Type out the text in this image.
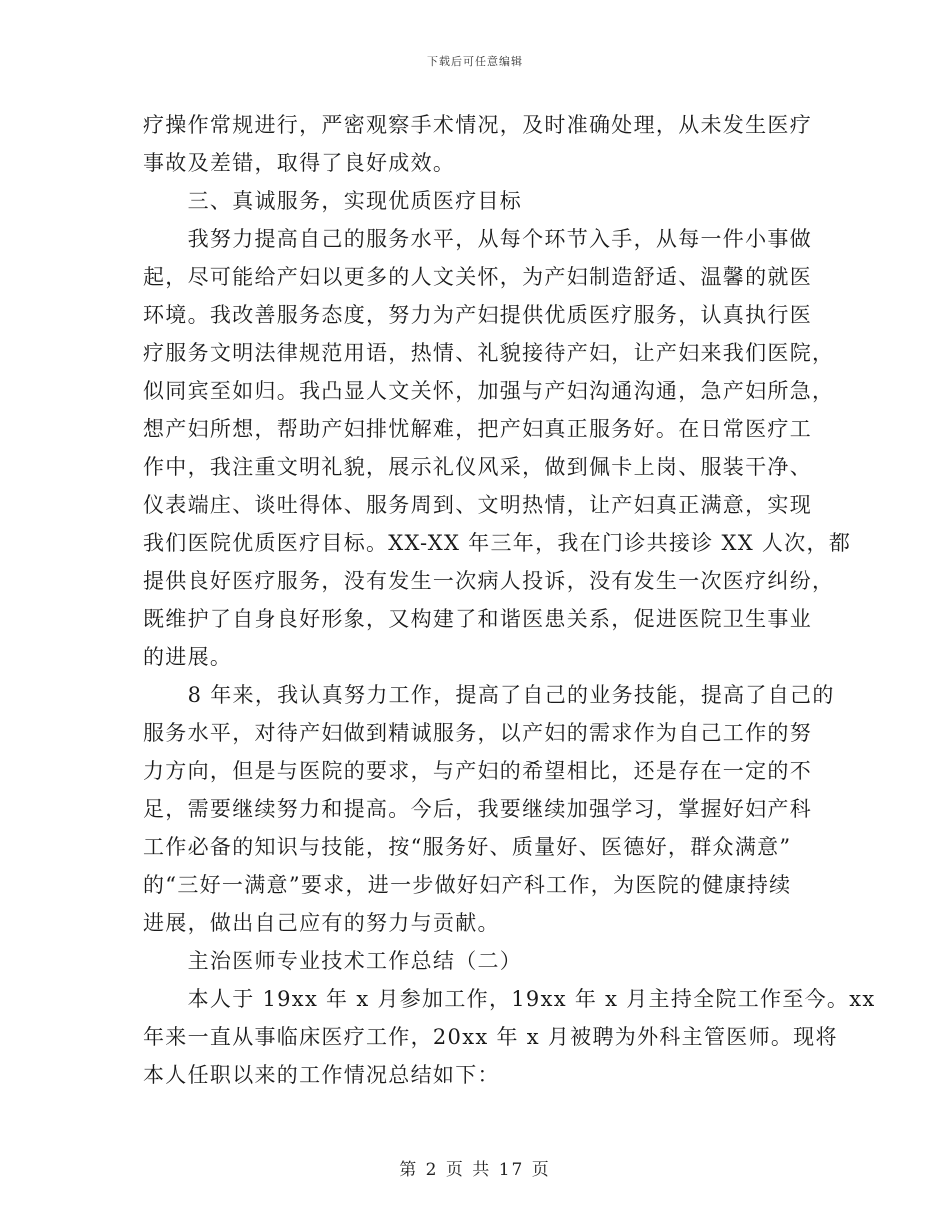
下载后可任意编辑
疗操作常规进行，严密观察手术情况，及时准确处理，从未发生医疗
事故及差错，取得了良好成效。
　　三、真诚服务，实现优质医疗目标
　　我努力提高自己的服务水平，从每个环节入手，从每一件小事做
起，尽可能给产妇以更多的人文关怀，为产妇制造舒适、温馨的就医
环境。我改善服务态度，努力为产妇提供优质医疗服务，认真执行医
疗服务文明法律规范用语，热情、礼貌接待产妇，让产妇来我们医院，
似同宾至如归。我凸显人文关怀，加强与产妇沟通沟通，急产妇所急，
想产妇所想，帮助产妇排忧解难，把产妇真正服务好。在日常医疗工
作中，我注重文明礼貌，展示礼仪风采，做到佩卡上岗、服装干净、
仪表端庄、谈吐得体、服务周到、文明热情，让产妇真正满意，实现
我们医院优质医疗目标。XX-XX 年三年，我在门诊共接诊 XX 人次，都
提供良好医疗服务，没有发生一次病人投诉，没有发生一次医疗纠纷，
既维护了自身良好形象，又构建了和谐医患关系，促进医院卫生事业
的进展。
　　8 年来，我认真努力工作，提高了自己的业务技能，提高了自己的
服务水平，对待产妇做到精诚服务，以产妇的需求作为自己工作的努
力方向，但是与医院的要求，与产妇的希望相比，还是存在一定的不
足，需要继续努力和提高。今后，我要继续加强学习，掌握好妇产科
工作必备的知识与技能，按“服务好、质量好、医德好，群众满意”
的“三好一满意”要求，进一步做好妇产科工作，为医院的健康持续
进展，做出自己应有的努力与贡献。
　　主治医师专业技术工作总结（二）
　　本人于 19xx 年 x 月参加工作，19xx 年 x 月主持全院工作至今。xx
年来一直从事临床医疗工作，20xx 年 x 月被聘为外科主管医师。现将
本人任职以来的工作情况总结如下：
第 2 页 共 17 页
